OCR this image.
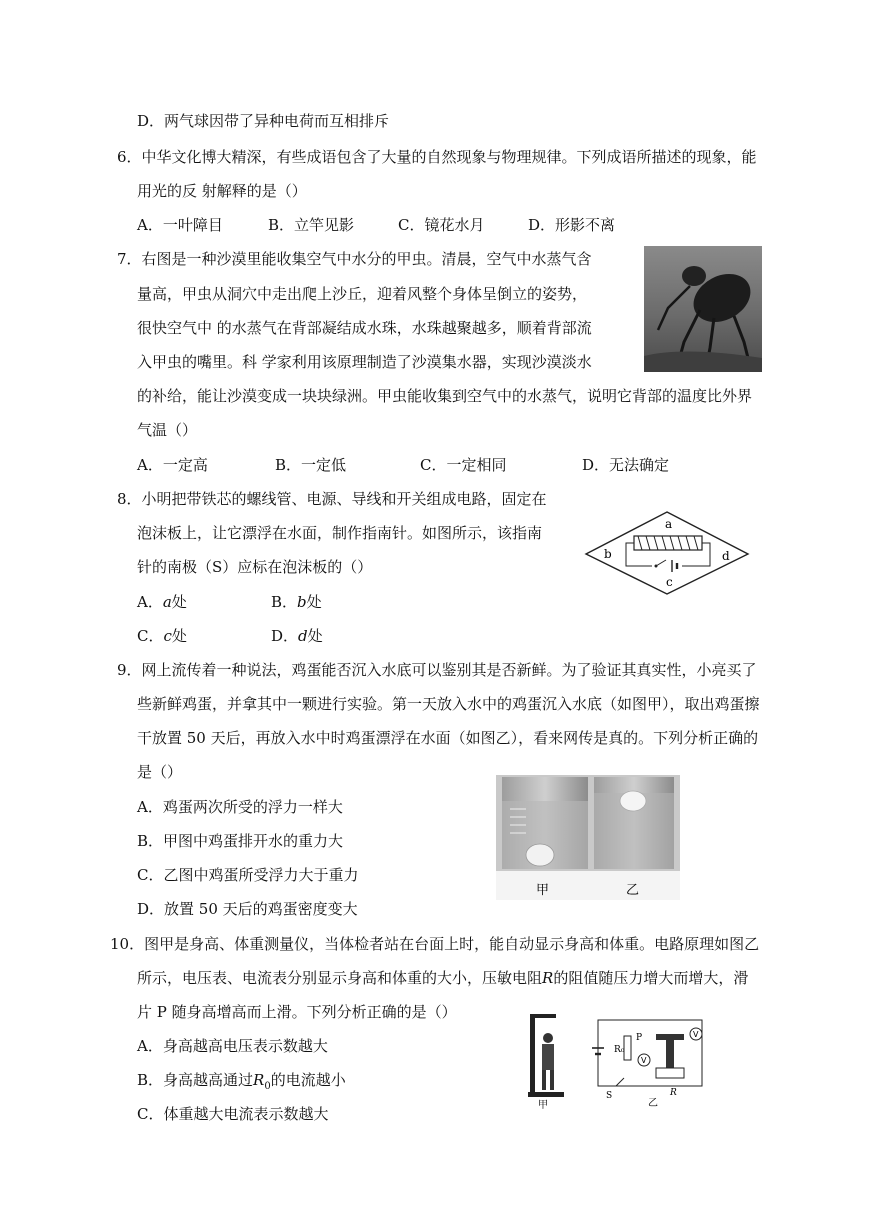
D．两气球因带了异种电荷而互相排斥
6．中华文化博大精深，有些成语包含了大量的自然现象与物理规律。下列成语所描述的现象，能
用光的反 射解释的是（）
A．一叶障目	B．立竿见影	C．镜花水月	D．形影不离
7．右图是一种沙漠里能收集空气中水分的甲虫。清晨，空气中水蒸气含
量高，甲虫从洞穴中走出爬上沙丘，迎着风整个身体呈倒立的姿势，
很快空气中 的水蒸气在背部凝结成水珠，水珠越聚越多，顺着背部流
入甲虫的嘴里。科 学家利用该原理制造了沙漠集水器，实现沙漠淡水
的补给，能让沙漠变成一块块绿洲。甲虫能收集到空气中的水蒸气，说明它背部的温度比外界
气温（）
A．一定高	B．一定低	C．一定相同	D．无法确定
8．小明把带铁芯的螺线管、电源、导线和开关组成电路，固定在
泡沫板上，让它漂浮在水面，制作指南针。如图所示，该指南
针的南极（S）应标在泡沫板的（）
A．a处	B．b处
C．c处	D．d处
a
b
c
d
9．网上流传着一种说法，鸡蛋能否沉入水底可以鉴别其是否新鲜。为了验证其真实性，小亮买了
些新鲜鸡蛋，并拿其中一颗进行实验。第一天放入水中的鸡蛋沉入水底（如图甲），取出鸡蛋擦
干放置 50 天后，再放入水中时鸡蛋漂浮在水面（如图乙），看来网传是真的。下列分析正确的
是（）
A．鸡蛋两次所受的浮力一样大
B．甲图中鸡蛋排开水的重力大
C．乙图中鸡蛋所受浮力大于重力
D．放置 50 天后的鸡蛋密度变大
甲	乙
10．图甲是身高、体重测量仪，当体检者站在台面上时，能自动显示身高和体重。电路原理如图乙
所示，电压表、电流表分别显示身高和体重的大小，压敏电阻R的阻值随压力增大而增大，滑
片 P 随身高增高而上滑。下列分析正确的是（）
A．身高越高电压表示数越大
B．身高越高通过$R_0$的电流越小
C．体重越大电流表示数越大	甲
R₀
P
V
V
S	R
乙
